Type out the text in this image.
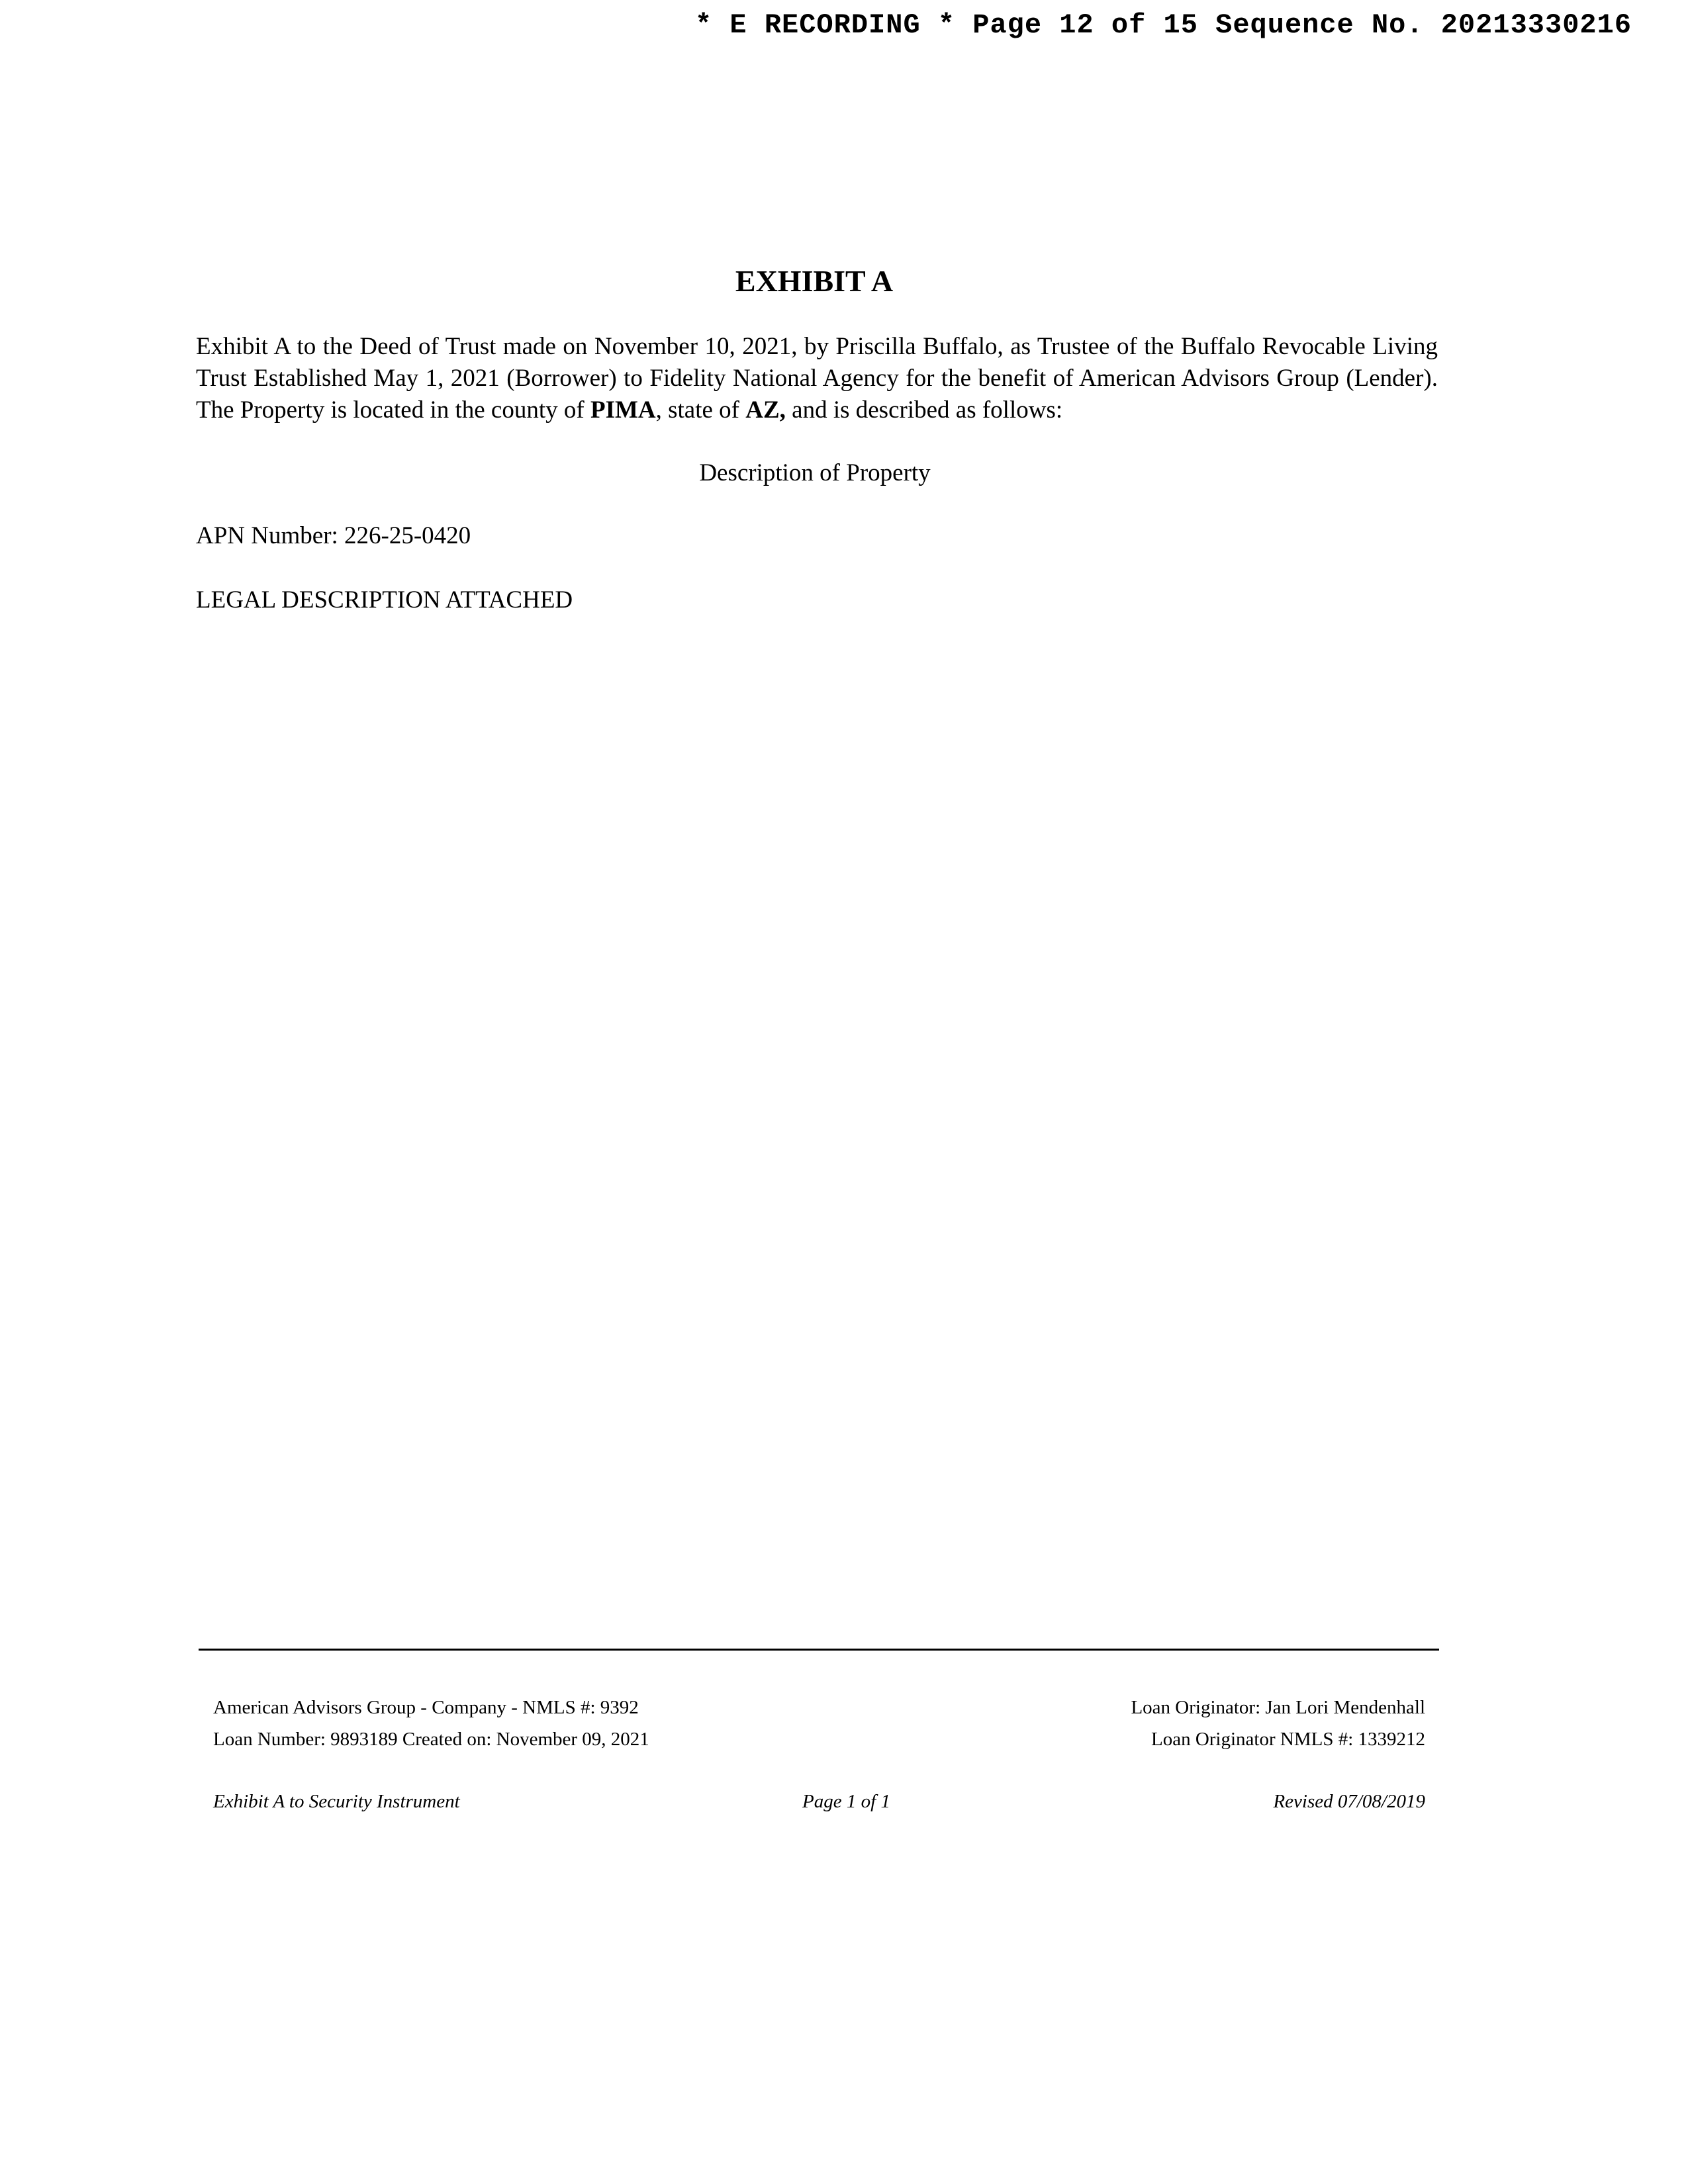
* E RECORDING * Page 12 of 15 Sequence No. 20213330216
EXHIBIT A
Exhibit A to the Deed of Trust made on November 10, 2021, by Priscilla Buffalo, as Trustee of the Buffalo Revocable Living Trust Established May 1, 2021 (Borrower) to Fidelity National Agency for the benefit of American Advisors Group (Lender). The Property is located in the county of PIMA, state of AZ, and is described as follows:
Description of Property
APN Number: 226-25-0420
LEGAL DESCRIPTION ATTACHED
American Advisors Group - Company - NMLS #: 9392
Loan Number: 9893189 Created on: November 09, 2021
Loan Originator: Jan Lori Mendenhall
Loan Originator NMLS #: 1339212
Exhibit A to Security Instrument	Page 1 of 1	Revised 07/08/2019
